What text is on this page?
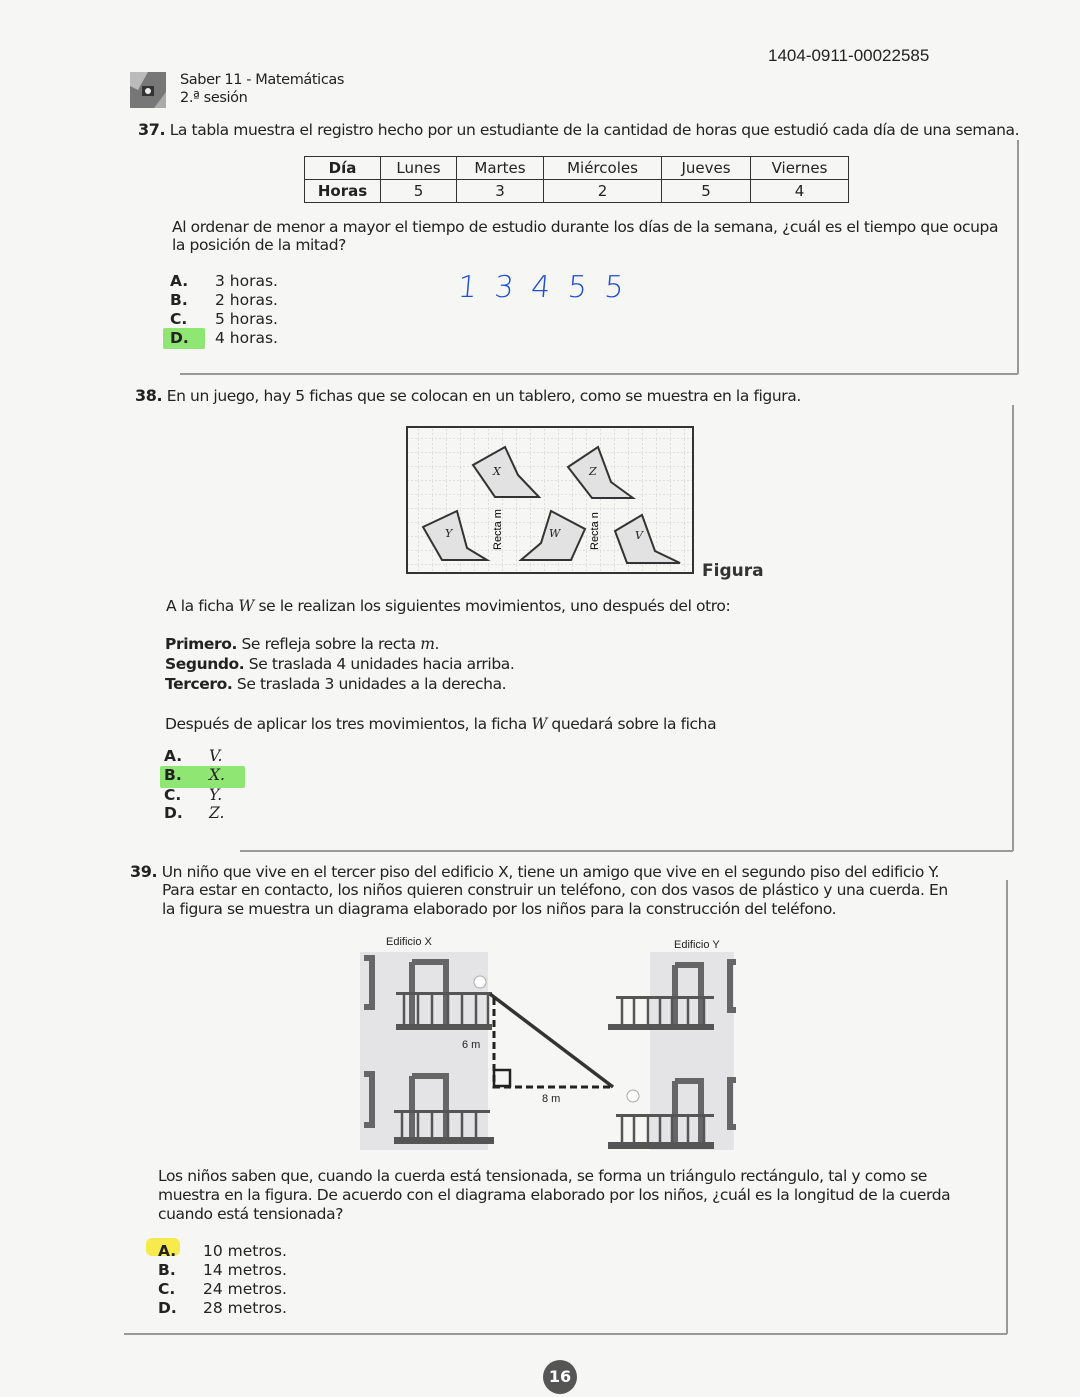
1404-0911-00022585
Saber 11 - Matemáticas
2.ª sesión
37. La tabla muestra el registro hecho por un estudiante de la cantidad de horas que estudió cada día de una semana.
Día	Lunes	Martes	Miércoles	Jueves	Viernes
Horas	5	3	2	5	4
Al ordenar de menor a mayor el tiempo de estudio durante los días de la semana, ¿cuál es el tiempo que ocupa
la posición de la mitad?
A. 3 horas.
B. 2 horas.
C. 5 horas.
D. 4 horas.
1 3 4 5 5
38. En un juego, hay 5 fichas que se colocan en un tablero, como se muestra en la figura.
X	Z
Y	W	V
Recta m	Recta n
Figura
A la ficha W se le realizan los siguientes movimientos, uno después del otro:
Primero. Se refleja sobre la recta m.
Segundo. Se traslada 4 unidades hacia arriba.
Tercero. Se traslada 3 unidades a la derecha.
Después de aplicar los tres movimientos, la ficha W quedará sobre la ficha
A. V.
B. X.
C. Y.
D. Z.
39. Un niño que vive en el tercer piso del edificio X, tiene un amigo que vive en el segundo piso del edificio Y.
Para estar en contacto, los niños quieren construir un teléfono, con dos vasos de plástico y una cuerda. En
la figura se muestra un diagrama elaborado por los niños para la construcción del teléfono.
Edificio X	Edificio Y
6 m
8 m
Los niños saben que, cuando la cuerda está tensionada, se forma un triángulo rectángulo, tal y como se
muestra en la figura. De acuerdo con el diagrama elaborado por los niños, ¿cuál es la longitud de la cuerda
cuando está tensionada?
A. 10 metros.
B. 14 metros.
C. 24 metros.
D. 28 metros.
16
